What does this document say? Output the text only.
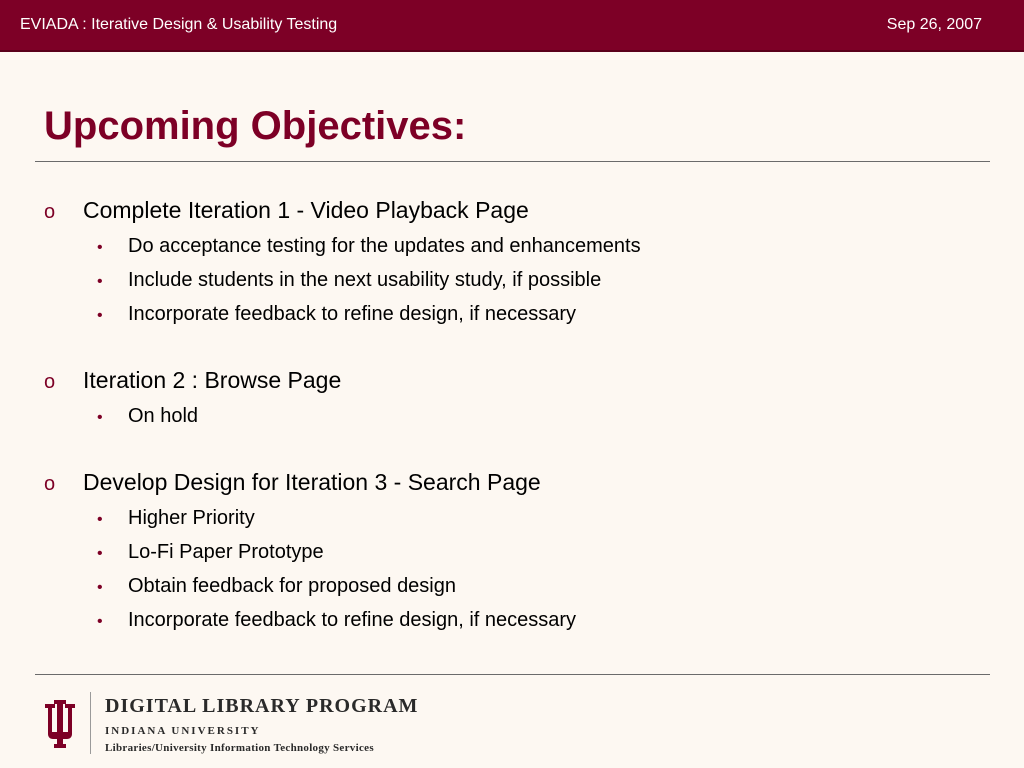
EVIADA : Iterative Design & Usability Testing	Sep 26, 2007
Upcoming Objectives:
o	Complete Iteration 1 - Video Playback Page
•	Do acceptance testing for the updates and enhancements
•	Include students in the next usability study, if possible
•	Incorporate feedback to refine design, if necessary
o	Iteration 2 : Browse Page
•	On hold
o	Develop Design for Iteration 3 - Search Page
•	Higher Priority
•	Lo-Fi Paper Prototype
•	Obtain feedback for proposed design
•	Incorporate feedback to refine design, if necessary
DIGITAL LIBRARY PROGRAM
INDIANA UNIVERSITY
Libraries/University Information Technology Services
